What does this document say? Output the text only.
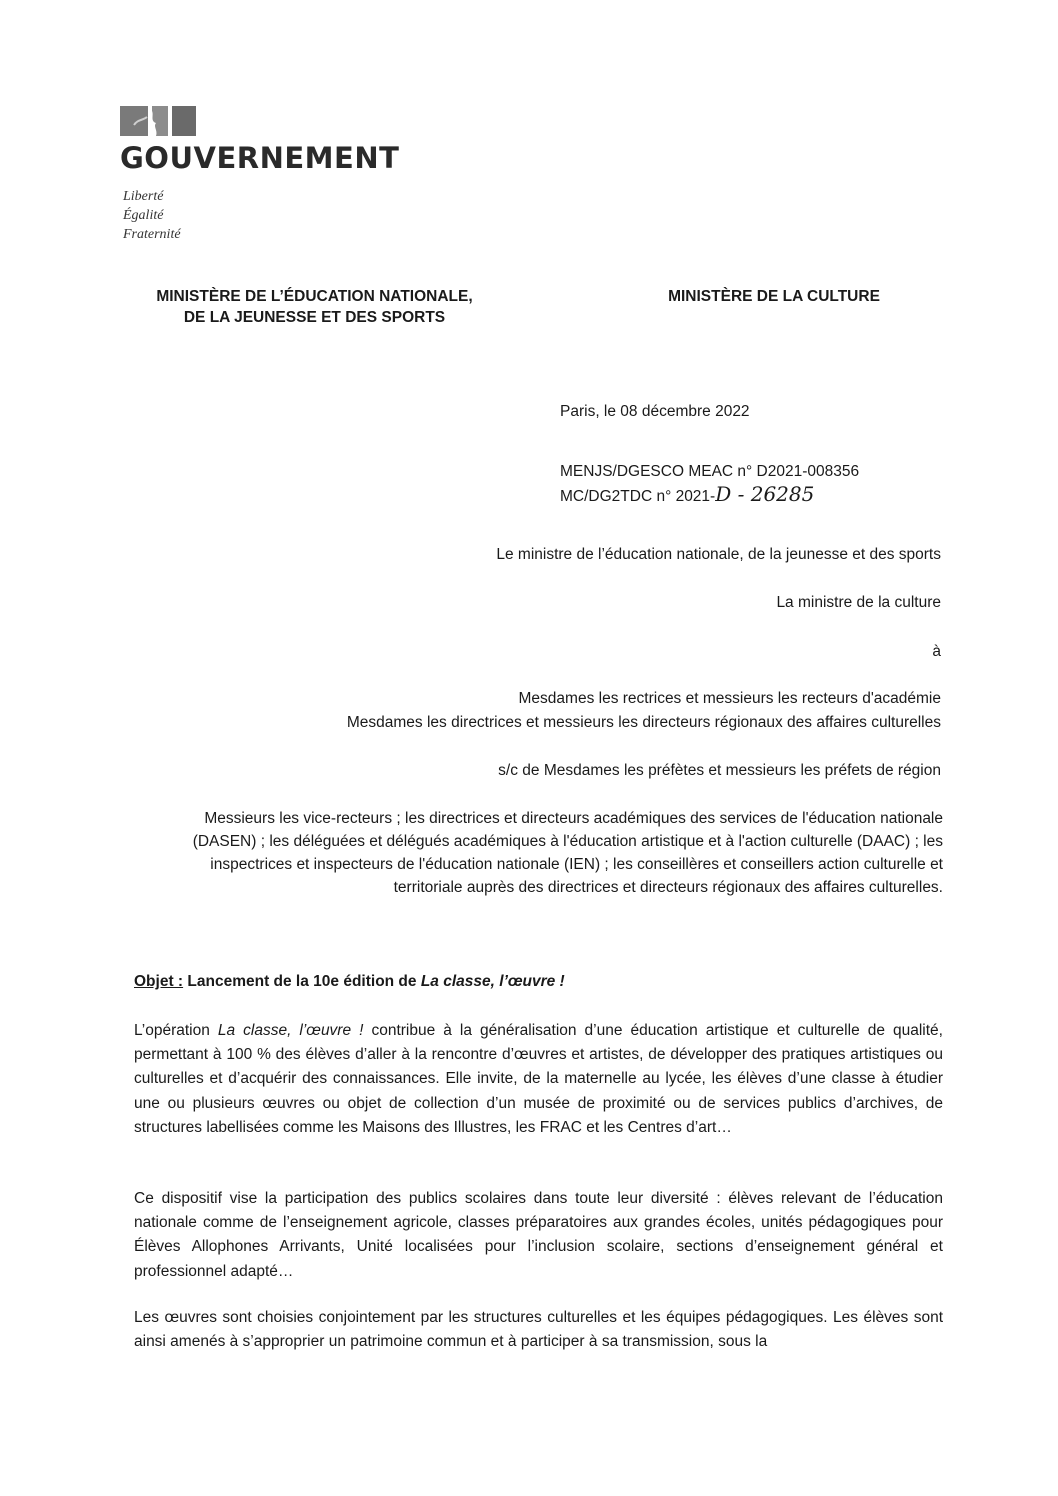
GOUVERNEMENT
Liberté
Égalité
Fraternité
MINISTÈRE DE L’ÉDUCATION NATIONALE,
DE LA JEUNESSE ET DES SPORTS
MINISTÈRE DE LA CULTURE
Paris, le 08 décembre 2022
MENJS/DGESCO MEAC n° D2021-008356
MC/DG2TDC n° 2021-D - 26285
Le ministre de l’éducation nationale, de la jeunesse et des sports
La ministre de la culture
à
Mesdames les rectrices et messieurs les recteurs d'académie
Mesdames les directrices et messieurs les directeurs régionaux des affaires culturelles
s/c de Mesdames les préfètes et messieurs les préfets de région
Messieurs les vice-recteurs ; les directrices et directeurs académiques des services de l'éducation nationale
(DASEN) ; les déléguées et délégués académiques à l'éducation artistique et à l'action culturelle (DAAC) ; les
inspectrices et inspecteurs de l'éducation nationale (IEN) ; les conseillères et conseillers action culturelle et
territoriale auprès des directrices et directeurs régionaux des affaires culturelles.
Objet : Lancement de la 10e édition de La classe, l’œuvre !

L’opération La classe, l’œuvre ! contribue à la généralisation d’une éducation artistique et culturelle de qualité, permettant à 100 % des élèves d’aller à la rencontre d’œuvres et artistes, de développer des pratiques artistiques ou culturelles et d’acquérir des connaissances. Elle invite, de la maternelle au lycée, les élèves d’une classe à étudier une ou plusieurs œuvres ou objet de collection d’un musée de proximité ou de services publics d’archives, de structures labellisées comme les Maisons des Illustres, les FRAC et les Centres d’art…

Ce dispositif vise la participation des publics scolaires dans toute leur diversité : élèves relevant de l’éducation nationale comme de l’enseignement agricole, classes préparatoires aux grandes écoles, unités pédagogiques pour Élèves Allophones Arrivants, Unité localisées pour l’inclusion scolaire, sections d’enseignement général et professionnel adapté…

Les œuvres sont choisies conjointement par les structures culturelles et les équipes pédagogiques. Les élèves sont ainsi amenés à s’approprier un patrimoine commun et à participer à sa transmission, sous la
